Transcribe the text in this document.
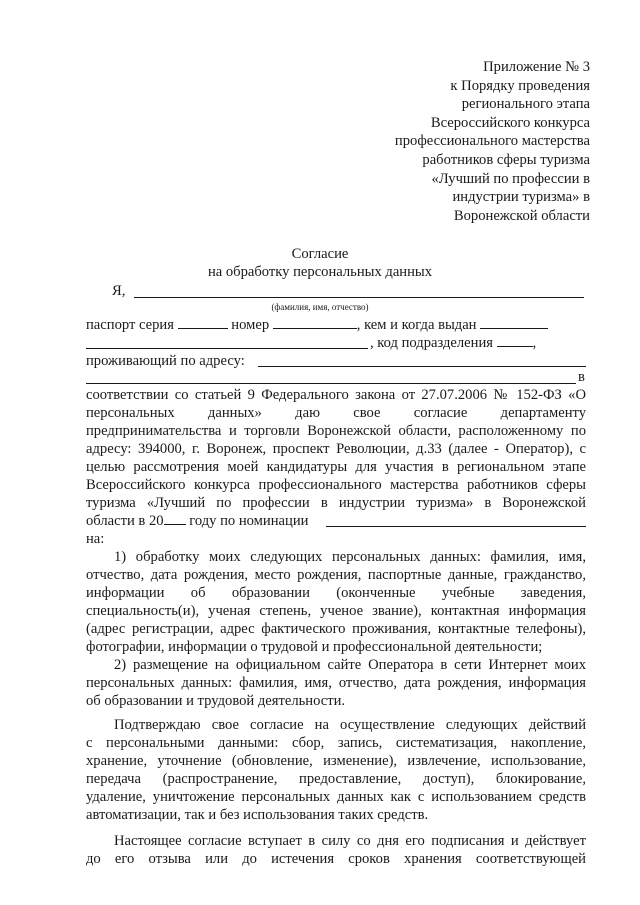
Приложение № 3
к Порядку проведения
регионального этапа
Всероссийского конкурса
профессионального мастерства
работников сферы туризма
«Лучший по профессии в
индустрии туризма» в
Воронежской области
Согласие
на обработку персональных данных
Я,
(фамилия, имя, отчество)
паспорт серия	номер	, кем и когда выдан
, код подразделения	,
проживающий по адресу:
в
соответствии со статьей 9 Федерального закона от 27.07.2006 № 152-ФЗ «О
персональных данных» даю свое согласие департаменту
предпринимательства и торговли Воронежской области, расположенному по
адресу: 394000, г. Воронеж, проспект Революции, д.33 (далее - Оператор), с
целью рассмотрения моей кандидатуры для участия в региональном этапе
Всероссийского конкурса профессионального мастерства работников сферы
туризма «Лучший по профессии в индустрии туризма» в Воронежской
области в 20 году по номинации
на:
1) обработку моих следующих персональных данных: фамилия, имя,
отчество, дата рождения, место рождения, паспортные данные, гражданство,
информации об образовании (оконченные учебные заведения,
специальность(и), ученая степень, ученое звание), контактная информация
(адрес регистрации, адрес фактического проживания, контактные телефоны),
фотографии, информации о трудовой и профессиональной деятельности;
2) размещение на официальном сайте Оператора в сети Интернет моих
персональных данных: фамилия, имя, отчество, дата рождения, информация
об образовании и трудовой деятельности.
Подтверждаю свое согласие на осуществление следующих действий
с персональными данными: сбор, запись, систематизация, накопление,
хранение, уточнение (обновление, изменение), извлечение, использование,
передача (распространение, предоставление, доступ), блокирование,
удаление, уничтожение персональных данных как с использованием средств
автоматизации, так и без использования таких средств.
Настоящее согласие вступает в силу со дня его подписания и действует
до его отзыва или до истечения сроков хранения соответствующей
